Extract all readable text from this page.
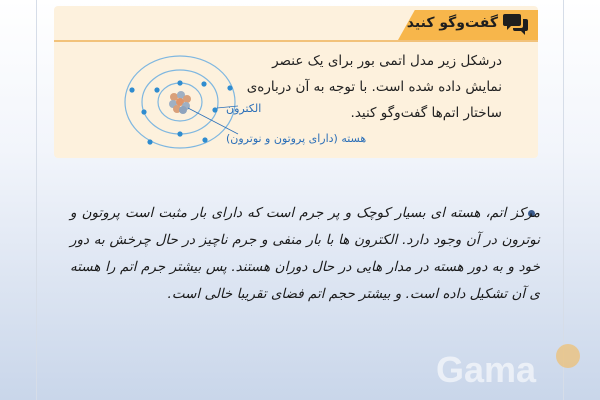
گفت‌وگو کنید
درشکل زیر مدل اتمی بور برای یک عنصر نمایش داده شده است. با توجه به آن درباره‌ی ساختار اتم‌ها گفت‌وگو کنید.
الکترون
هسته (دارای پروتون و نوترون)
مرکز اتم، هسته ای بسیار کوچک و پر جرم است که دارای بار مثبت است پروتون و نوترون در آن وجود دارد. الکترون ها با بار منفی و جرم ناچیز در حال چرخش به دور خود و به دور هسته در مدار هایی در حال دوران هستند. پس بیشتر جرم اتم را هسته ی آن تشکیل داده است. و بیشتر حجم اتم فضای تقریبا خالی است.
Gama
